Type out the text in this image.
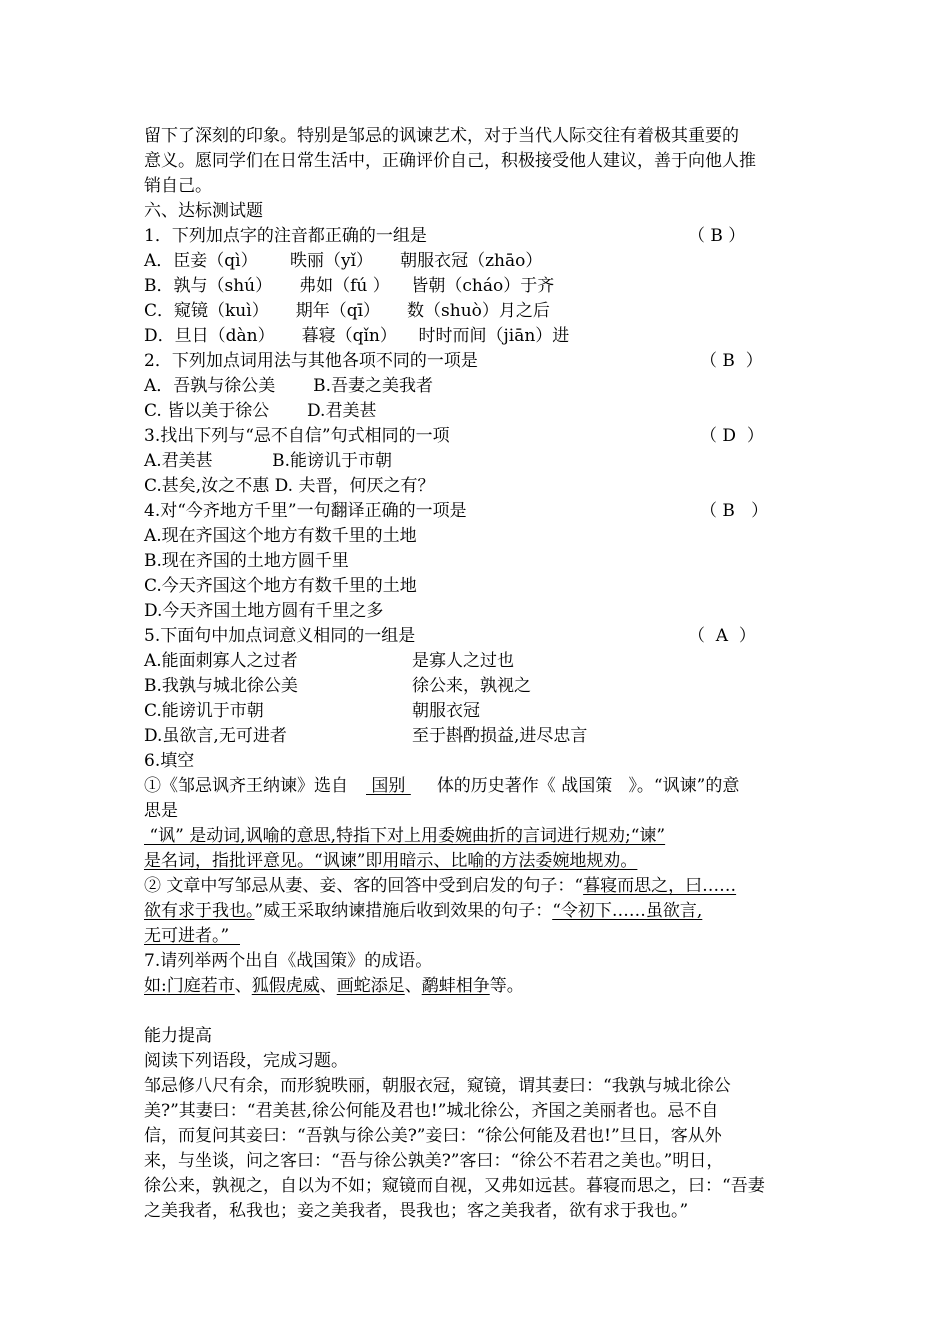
留下了深刻的印象。特别是邹忌的讽谏艺术，对于当代人际交往有着极其重要的
意义。愿同学们在日常生活中，正确评价自己，积极接受他人建议，善于向他人推
销自己。
六、达标测试题
1．下列加点字的注音都正确的一组是	（ B ）
A．臣妾（qì）      昳丽（yǐ）     朝服衣冠（zhāo）
B．孰与（shú）     弗如（fú ）    皆朝（cháo）于齐
C．窥镜（kuì）     期年（qī）     数（shuò）月之后
D．旦日（dàn）     暮寝（qǐn）    时时而间（jiān）进
2．下列加点词用法与其他各项不同的一项是	（ B  ）
A．吾孰与徐公美       B.吾妻之美我者
C. 皆以美于徐公       D.君美甚
3.找出下列与“忌不自信”句式相同的一项	（ D  ）
A.君美甚           B.能谤讥于市朝
C.甚矣,汝之不惠 D. 夫晋，何厌之有？
4.对“今齐地方千里”一句翻译正确的一项是	（ B   ）
A.现在齐国这个地方有数千里的土地
B.现在齐国的土地方圆千里
C.今天齐国这个地方有数千里的土地
D.今天齐国土地方圆有千里之多
5.下面句中加点词意义相同的一组是	（  A  ）
A.能面刺寡人之过者	是寡人之过也
B.我孰与城北徐公美	徐公来，孰视之
C.能谤讥于市朝	朝服衣冠
D.虽欲言,无可进者	至于斟酌损益,进尽忠言
6.填空
①《邹忌讽齐王纳谏》选自 国别 体的历史著作《 战国策   》。“讽谏”的意
思是
“讽” 是动词,讽喻的意思,特指下对上用委婉曲折的言词进行规劝;“谏”
是名词，指批评意见。“讽谏”即用暗示、比喻的方法委婉地规劝。
② 文章中写邹忌从妻、妾、客的回答中受到启发的句子：“暮寝而思之，曰……
欲有求于我也。”威王采取纳谏措施后收到效果的句子：“令初下……虽欲言,
无可进者。”
7.请列举两个出自《战国策》的成语。
如:门庭若市、狐假虎威、画蛇添足、鹬蚌相争等。
能力提高
阅读下列语段，完成习题。
邹忌修八尺有余，而形貌昳丽，朝服衣冠，窥镜，谓其妻曰：“我孰与城北徐公
美?”其妻曰：“君美甚,徐公何能及君也!”城北徐公，齐国之美丽者也。忌不自
信，而复问其妾曰：“吾孰与徐公美?”妾曰：“徐公何能及君也!”旦日，客从外
来，与坐谈，问之客曰：“吾与徐公孰美?”客曰：“徐公不若君之美也。”明日，
徐公来，孰视之，自以为不如；窥镜而自视，又弗如远甚。暮寝而思之，曰：“吾妻
之美我者，私我也；妾之美我者，畏我也；客之美我者，欲有求于我也。”
